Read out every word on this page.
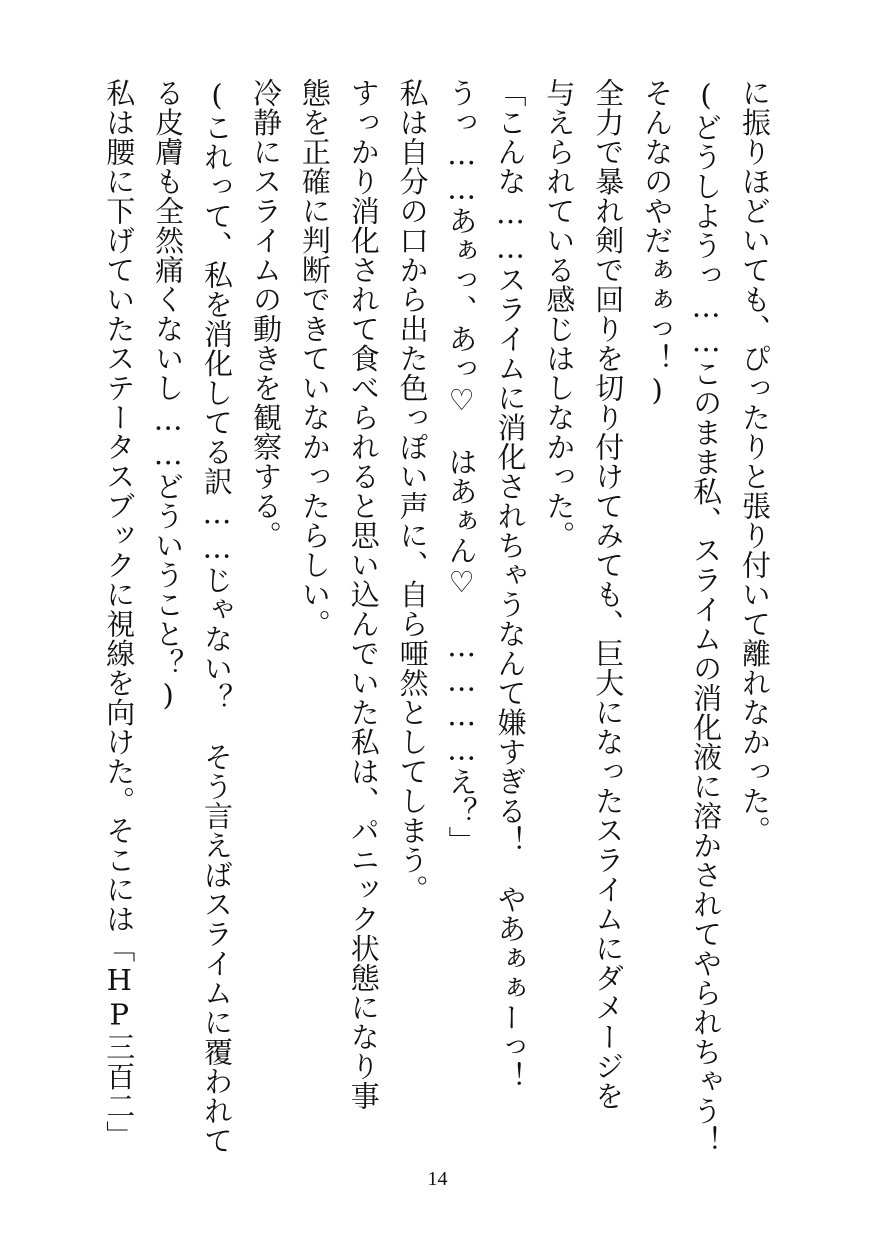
に振りほどいても、ぴったりと張り付いて離れなかった。
(どうしようっ……このまま私、スライムの消化液に溶かされてやられちゃう！
そんなのやだぁぁっ！)
全力で暴れ剣で回りを切り付けてみても、巨大になったスライムにダメージを
与えられている感じはしなかった。
「こんな……スライムに消化されちゃうなんて嫌すぎる！　やあぁぁーっ！
うっ……あぁっ、あっ♡　はあぁん♡　…………え？」
私は自分の口から出た色っぽい声に、自ら唖然としてしまう。
すっかり消化されて食べられると思い込んでいた私は、パニック状態になり事
態を正確に判断できていなかったらしい。
冷静にスライムの動きを観察する。
(これって、私を消化してる訳……じゃない？　そう言えばスライムに覆われて
る皮膚も全然痛くないし……どういうこと？)
私は腰に下げていたステータスブックに視線を向けた。そこには「HP三百二」
14
